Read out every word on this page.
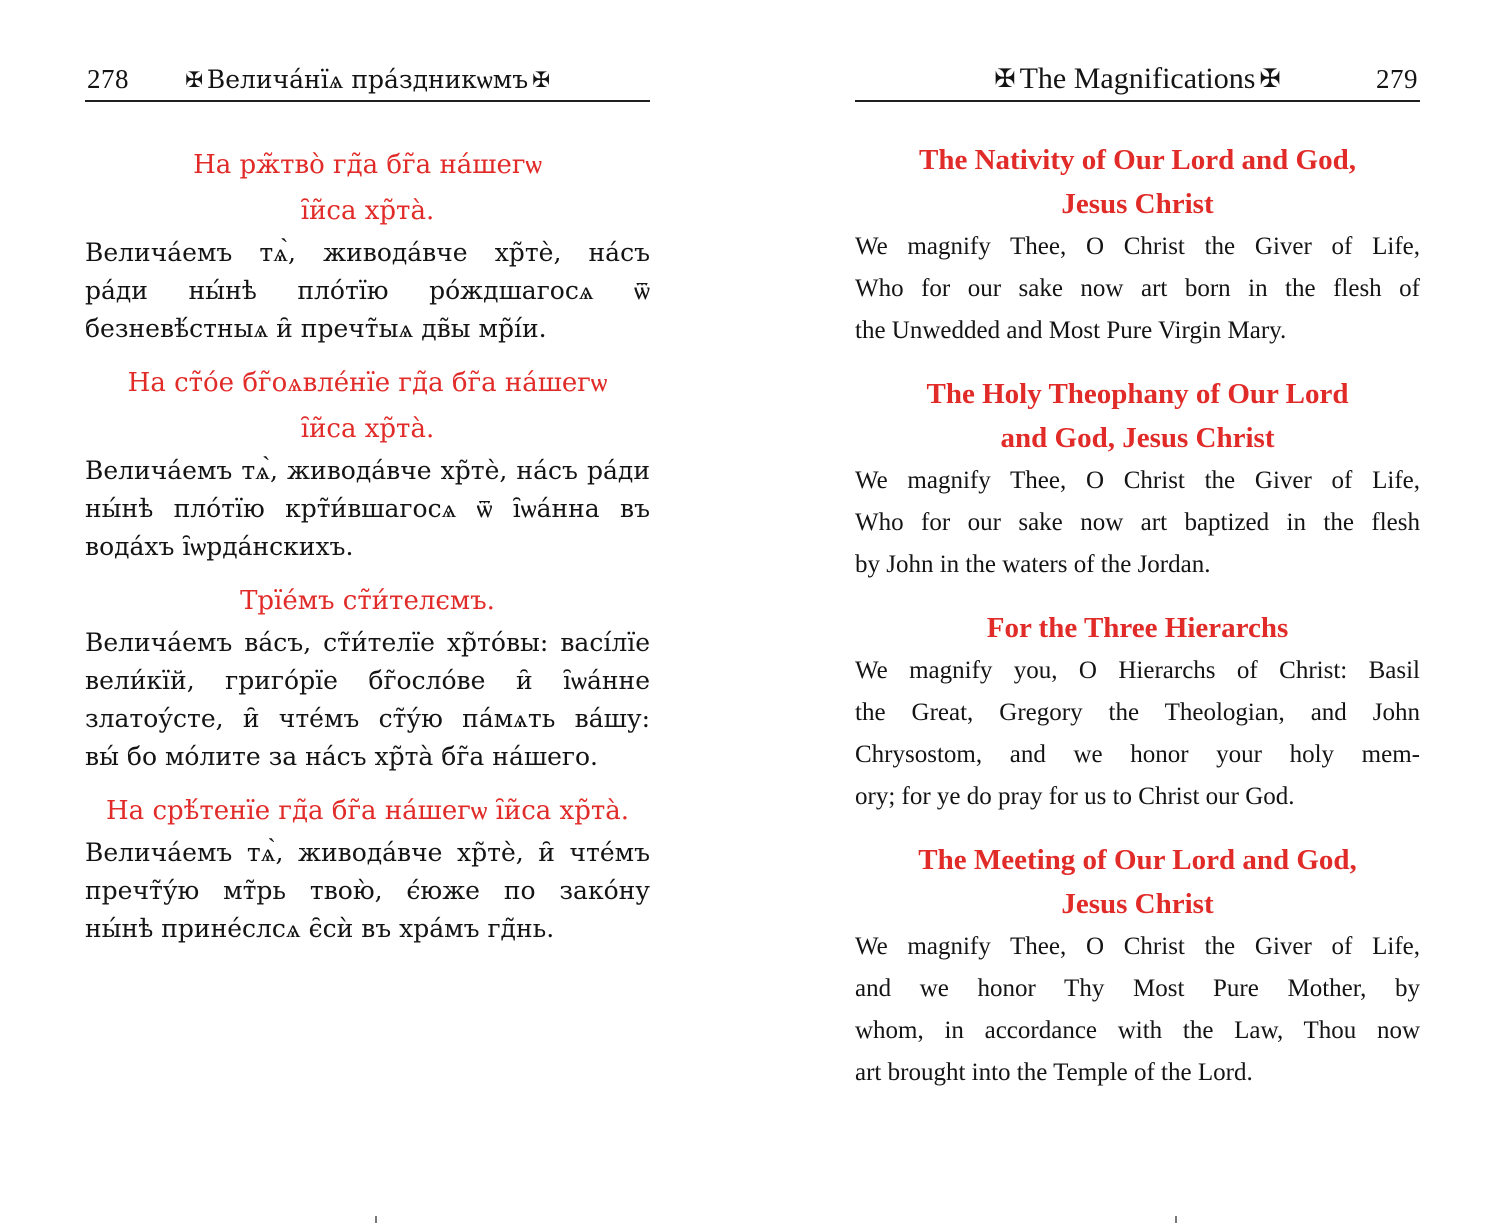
278	✠ Велича́нїѧ пра́здникѡмъ ✠
На рж̃тво̀ гд̃а бг̃а на́шегѡ
і̑и̃са хр̃та̀.
Велича́емъ тѧ̀, живода́вче хр̃тѐ, на́съ
ра́ди ны́нѣ пло́тїю ро́ждшагосѧ ѿ
безневѣ́стныѧ и̑ пречт̃ыѧ дв̃ы мр̃і́и.
На ст̃о́е бг̃оѧвле́нїе гд̃а бг̃а на́шегѡ
і̑и̃са хр̃та̀.
Велича́емъ тѧ̀, живода́вче хр̃тѐ, на́съ ра́ди
ны́нѣ пло́тїю крт̃и́вшагосѧ ѿ і̑ѡа́нна въ
вода́хъ і̑ѡрда́нскихъ.
Трїе́мъ ст̃и́телємъ.
Велича́емъ ва́съ, ст̃и́телїе хр̃то́вы: васі́лїе
вели́кїй, григо́рїе бг̃осло́ве и̑ і̑ѡа́нне
златоу́сте, и̑ чте́мъ ст̃у́ю па́мѧть ва́шу:
вы́ бо мо́лите за на́съ хр̃та̀ бг̃а на́шего.
На срѣ́тенїе гд̃а бг̃а на́шегѡ і̑и̃са хр̃та̀.
Велича́емъ тѧ̀, живода́вче хр̃тѐ, и̑ чте́мъ
пречт̃у́ю мт̃рь твою̀, є́юже по зако́ну
ны́нѣ прине́слсѧ є̑сѝ въ хра́мъ гд̃нь.
✠ The Magnifications ✠	279
The Nativity of Our Lord and God,
Jesus Christ
We magnify Thee, O Christ the Giver of Life,
Who for our sake now art born in the flesh of
the Unwedded and Most Pure Virgin Mary.
The Holy Theophany of Our Lord
and God, Jesus Christ
We magnify Thee, O Christ the Giver of Life,
Who for our sake now art baptized in the flesh
by John in the waters of the Jordan.
For the Three Hierarchs
We magnify you, O Hierarchs of Christ: Basil
the Great, Gregory the Theologian, and John
Chrysostom, and we honor your holy mem-
ory; for ye do pray for us to Christ our God.
The Meeting of Our Lord and God,
Jesus Christ
We magnify Thee, O Christ the Giver of Life,
and we honor Thy Most Pure Mother, by
whom, in accordance with the Law, Thou now
art brought into the Temple of the Lord.
